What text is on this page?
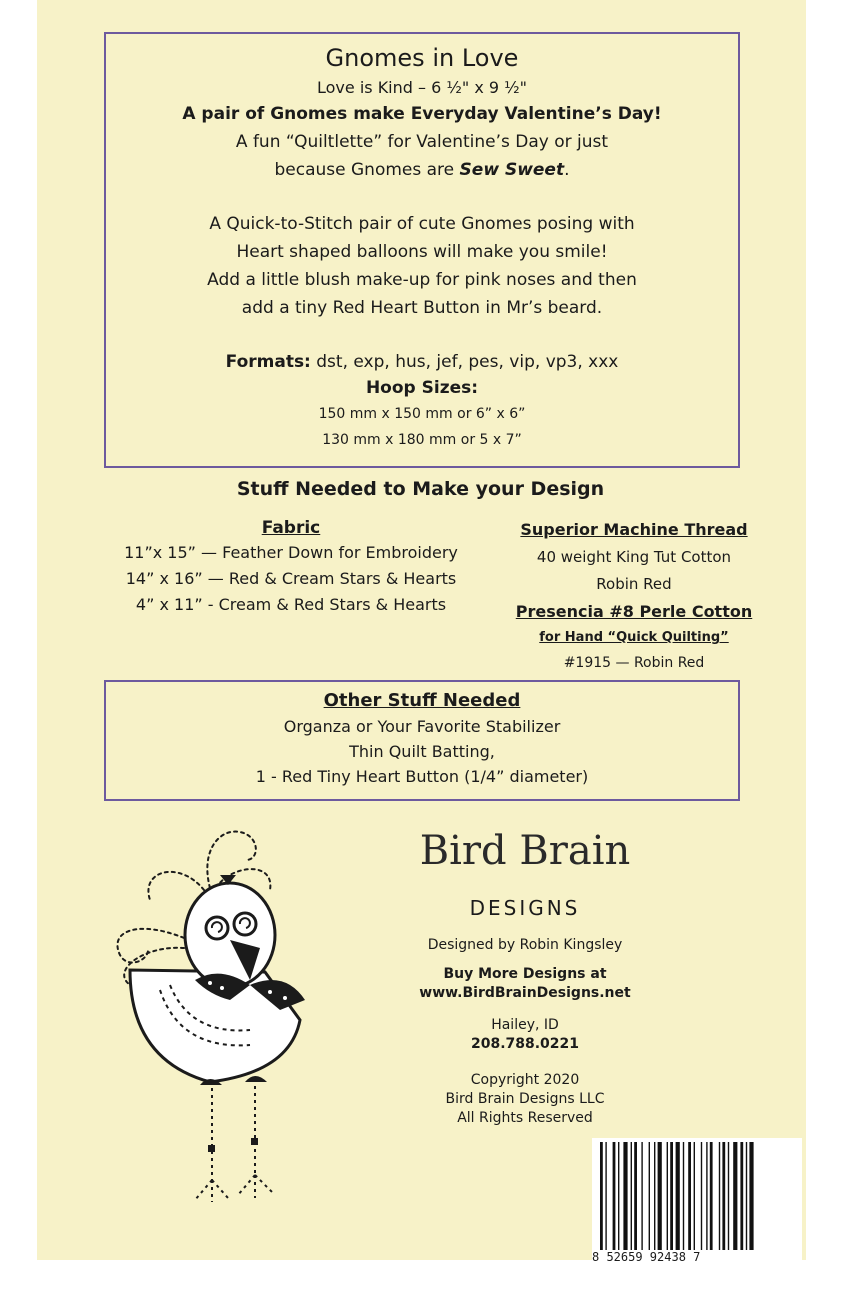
Gnomes in Love
Love is Kind – 6 ½" x 9 ½"
A pair of Gnomes make Everyday Valentine’s Day!
A fun “Quiltlette” for Valentine’s Day or just
because Gnomes are Sew Sweet.
A Quick-to-Stitch pair of cute Gnomes posing with
Heart shaped balloons will make you smile!
Add a little blush make-up for pink noses and then
add a tiny Red Heart Button in Mr’s beard.
Formats: dst, exp, hus, jef, pes, vip, vp3, xxx
Hoop Sizes:
150 mm x 150 mm or 6” x 6”
130 mm x 180 mm or 5 x 7”
Stuff Needed to Make your Design
Fabric
11”x 15” — Feather Down for Embroidery
14” x 16” — Red & Cream Stars & Hearts
4” x 11” - Cream & Red Stars & Hearts
Superior Machine Thread
40 weight King Tut Cotton
Robin Red
Presencia #8 Perle Cotton
for Hand “Quick Quilting”
#1915 — Robin Red
Other Stuff Needed
Organza or Your Favorite Stabilizer
Thin Quilt Batting,
1 - Red Tiny Heart Button (1/4” diameter)
Bird Brain
DESIGNS
Designed by Robin Kingsley
Buy More Designs at
www.BirdBrainDesigns.net
Hailey, ID
208.788.0221
Copyright 2020
Bird Brain Designs LLC
All Rights Reserved
8 52659 92438 7
